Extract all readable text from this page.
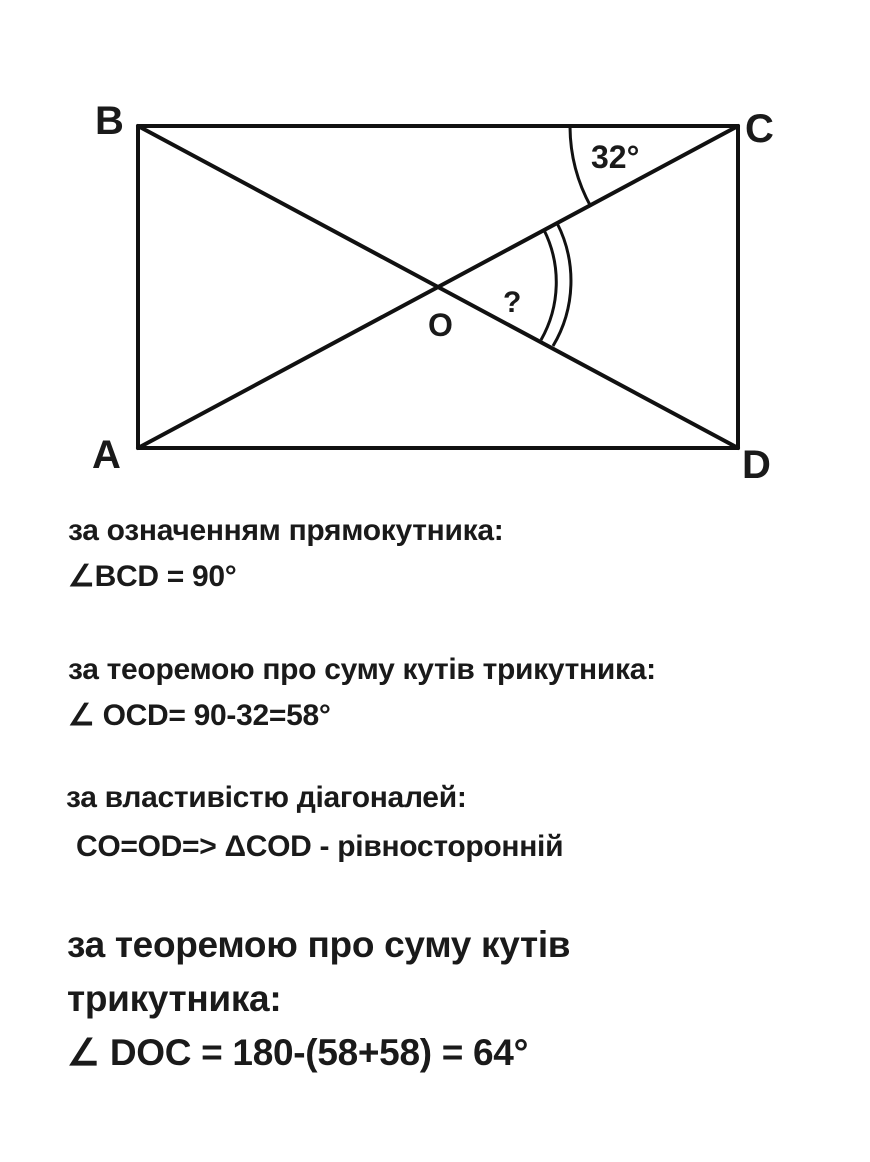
B	C
A	D
O
32°
?
за означенням прямокутника:
∠BCD = 90°
за теоремою про суму кутів трикутника:
∠ OCD= 90-32=58°
за властивістю діагоналей:
CO=OD=> ΔCOD - рівносторонній
за теоремою про суму кутів
трикутника:
∠ DOC = 180-(58+58) = 64°
